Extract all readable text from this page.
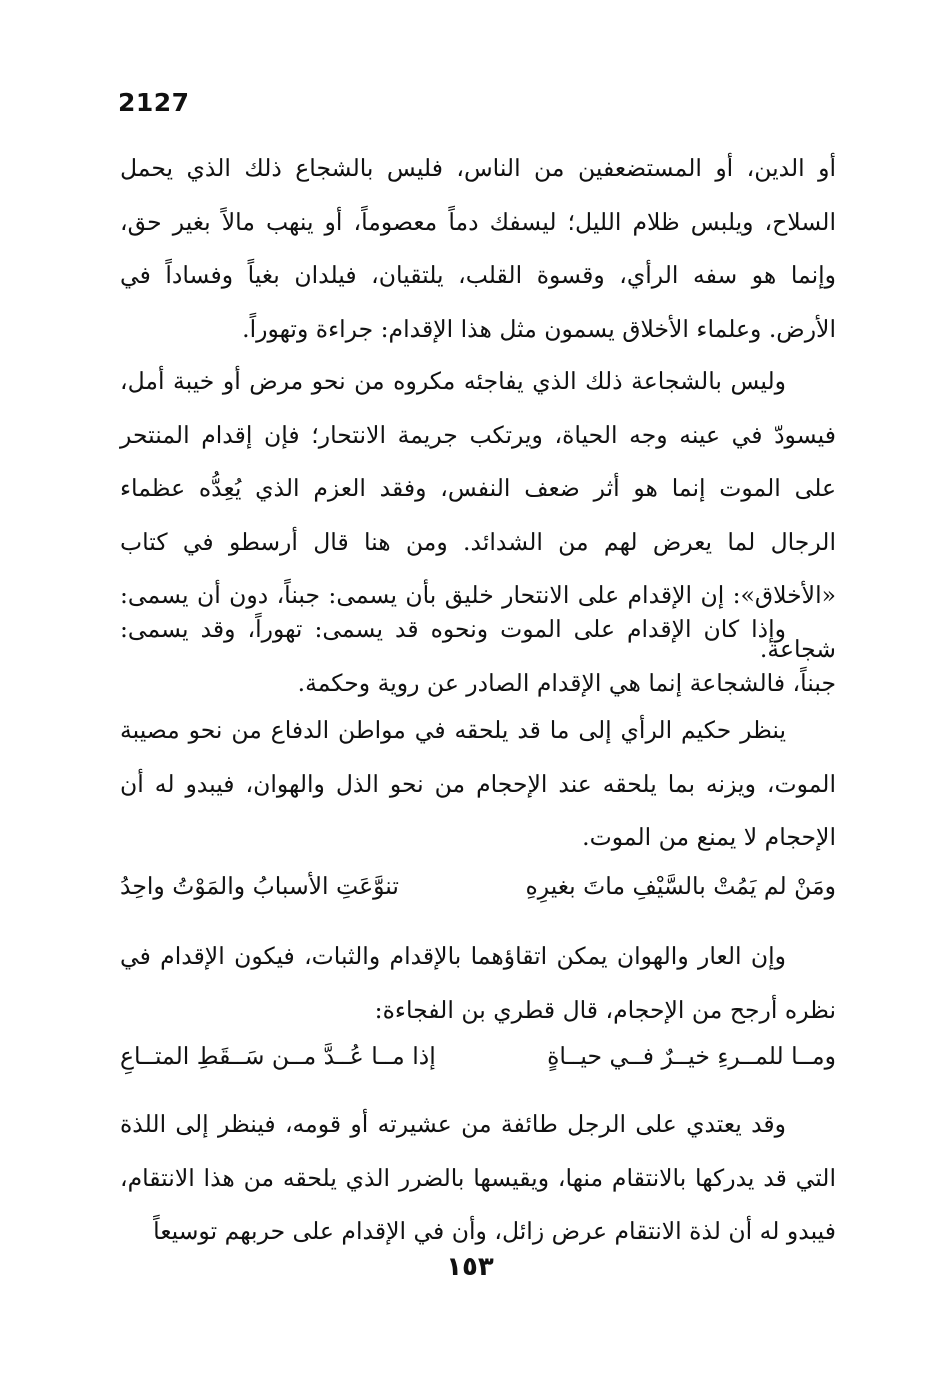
2127

أو الدين، أو المستضعفين من الناس، فليس بالشجاع ذلك الذي يحمل السلاح، ويلبس ظلام الليل؛ ليسفك دماً معصوماً، أو ينهب مالاً بغير حق، وإنما هو سفه الرأي، وقسوة القلب، يلتقيان، فيلدان بغياً وفساداً في الأرض. وعلماء الأخلاق يسمون مثل هذا الإقدام: جراءة وتهوراً.

وليس بالشجاعة ذلك الذي يفاجئه مكروه من نحو مرض أو خيبة أمل، فيسودّ في عينه وجه الحياة، ويرتكب جريمة الانتحار؛ فإن إقدام المنتحر على الموت إنما هو أثر ضعف النفس، وفقد العزم الذي يُعِدُّه عظماء الرجال لما يعرض لهم من الشدائد. ومن هنا قال أرسطو في كتاب «الأخلاق»: إن الإقدام على الانتحار خليق بأن يسمى: جبناً، دون أن يسمى: شجاعة.

وإذا كان الإقدام على الموت ونحوه قد يسمى: تهوراً، وقد يسمى: جبناً، فالشجاعة إنما هي الإقدام الصادر عن روية وحكمة.

ينظر حكيم الرأي إلى ما قد يلحقه في مواطن الدفاع من نحو مصيبة الموت، ويزنه بما يلحقه عند الإحجام من نحو الذل والهوان، فيبدو له أن الإحجام لا يمنع من الموت.

ومَنْ لم يَمُتْ بالسَّيْفِ ماتَ بغيرِهِ
تنوَّعَتِ الأسبابُ والمَوْتُ واحِدُ

وإن العار والهوان يمكن اتقاؤهما بالإقدام والثبات، فيكون الإقدام في نظره أرجح من الإحجام، قال قطري بن الفجاءة:

ومــا للمــرءِ خيــرٌ فــي حيــاةٍ
إذا مــا عُــدَّ مــن سَــقَطِ المتــاعِ

وقد يعتدي على الرجل طائفة من عشيرته أو قومه، فينظر إلى اللذة التي قد يدركها بالانتقام منها، ويقيسها بالضرر الذي يلحقه من هذا الانتقام، فيبدو له أن لذة الانتقام عرض زائل، وأن في الإقدام على حربهم توسيعاً

١٥٣
